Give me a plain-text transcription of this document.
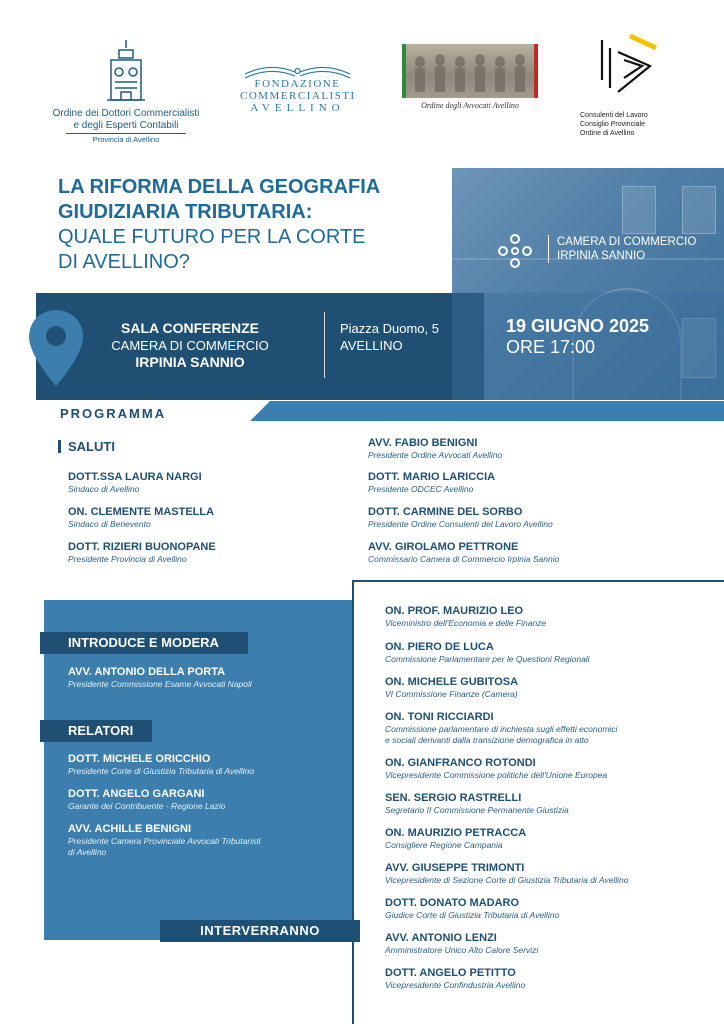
Ordine dei Dottori Commercialisti
e degli Esperti Contabili
Provincia di Avellino
FONDAZIONE
COMMERCIALISTI
AVELLINO	Ordine degli Avvocati Avellino
Consulenti del Lavoro
Consiglio Provinciale
Ordine di Avellino
CAMERA DI COMMERCIO
IRPINIA SANNIO
LA RIFORMA DELLA GEOGRAFIA
GIUDIZIARIA TRIBUTARIA:
QUALE FUTURO PER LA CORTE
DI AVELLINO?
SALA CONFERENZE
CAMERA DI COMMERCIO
IRPINIA SANNIO
Piazza Duomo, 5
AVELLINO
19 GIUGNO 2025
ORE 17:00
PROGRAMMA
SALUTI
DOTT.SSA LAURA NARGI
Sindaco di Avellino
ON. CLEMENTE MASTELLA
Sindaco di Benevento
DOTT. RIZIERI BUONOPANE
Presidente Provincia di Avellino
AVV. FABIO BENIGNI
Presidente Ordine Avvocati Avellino
DOTT. MARIO LARICCIA
Presidente ODCEC Avellino
DOTT. CARMINE DEL SORBO
Presidente Ordine Consulenti del Lavoro Avellino
AVV. GIROLAMO PETTRONE
Commissario Camera di Commercio Irpinia Sannio
INTRODUCE E MODERA
AVV. ANTONIO DELLA PORTA
Presidente Commissione Esame Avvocati Napoli
RELATORI
DOTT. MICHELE ORICCHIO
Presidente Corte di Giustizia Tributaria di Avellino
DOTT. ANGELO GARGANI
Garante del Contribuente - Regione Lazio
AVV. ACHILLE BENIGNI
Presidente Camera Provinciale Avvocati Tributaristi
di Avellino
INTERVERRANNO
ON. PROF. MAURIZIO LEO
Viceministro dell'Economia e delle Finanze
ON. PIERO DE LUCA
Commissione Parlamentare per le Questioni Regionali
ON. MICHELE GUBITOSA
VI Commissione Finanze (Camera)
ON. TONI RICCIARDI
Commissione parlamentare di inchiesta sugli effetti economici
e sociali derivanti dalla transizione demografica in atto
ON. GIANFRANCO ROTONDI
Vicepresidente Commissione politiche dell'Unione Europea
SEN. SERGIO RASTRELLI
Segretario II Commissione Permanente Giustizia
ON. MAURIZIO PETRACCA
Consigliere Regione Campania
AVV. GIUSEPPE TRIMONTI
Vicepresidente di Sezione Corte di Giustizia Tributaria di Avellino
DOTT. DONATO MADARO
Giudice Corte di Giustizia Tributaria di Avellino
AVV. ANTONIO LENZI
Amministratore Unico Alto Calore Servizi
DOTT. ANGELO PETITTO
Vicepresidente Confindustria Avellino
